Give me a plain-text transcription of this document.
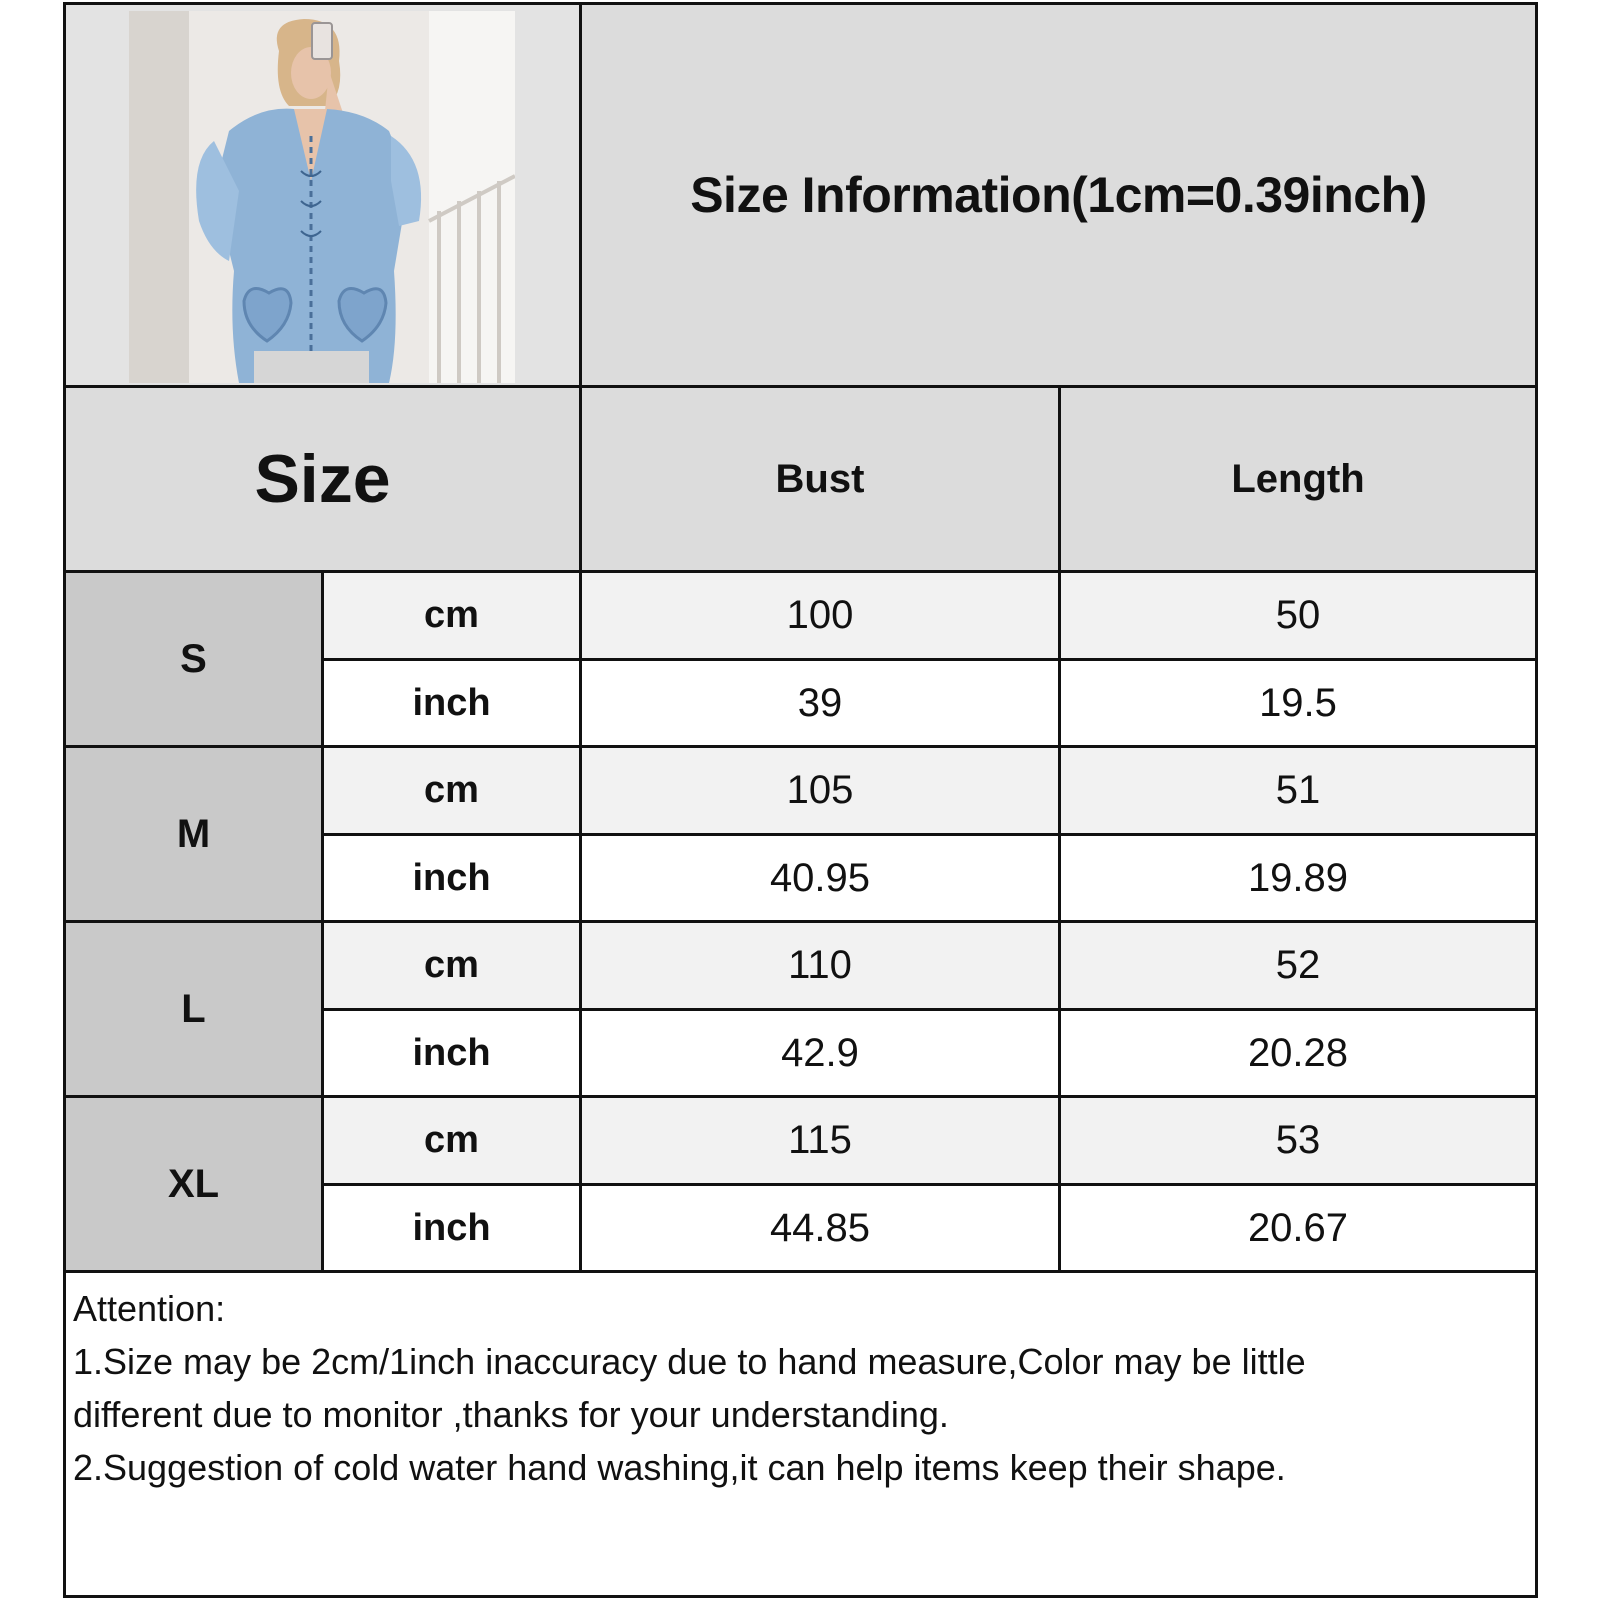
Size Information(1cm=0.39inch)
Size	Bust	Length
S
cm	100	50
inch	39	19.5
M
cm	105	51
inch	40.95	19.89
L
cm	110	52
inch	42.9	20.28
XL
cm	115	53
inch	44.85	20.67
Attention:
1.Size may be 2cm/1inch inaccuracy due to hand measure,Color may be little
different due to monitor ,thanks for your understanding.
2.Suggestion of cold water hand washing,it can help items keep their shape.
